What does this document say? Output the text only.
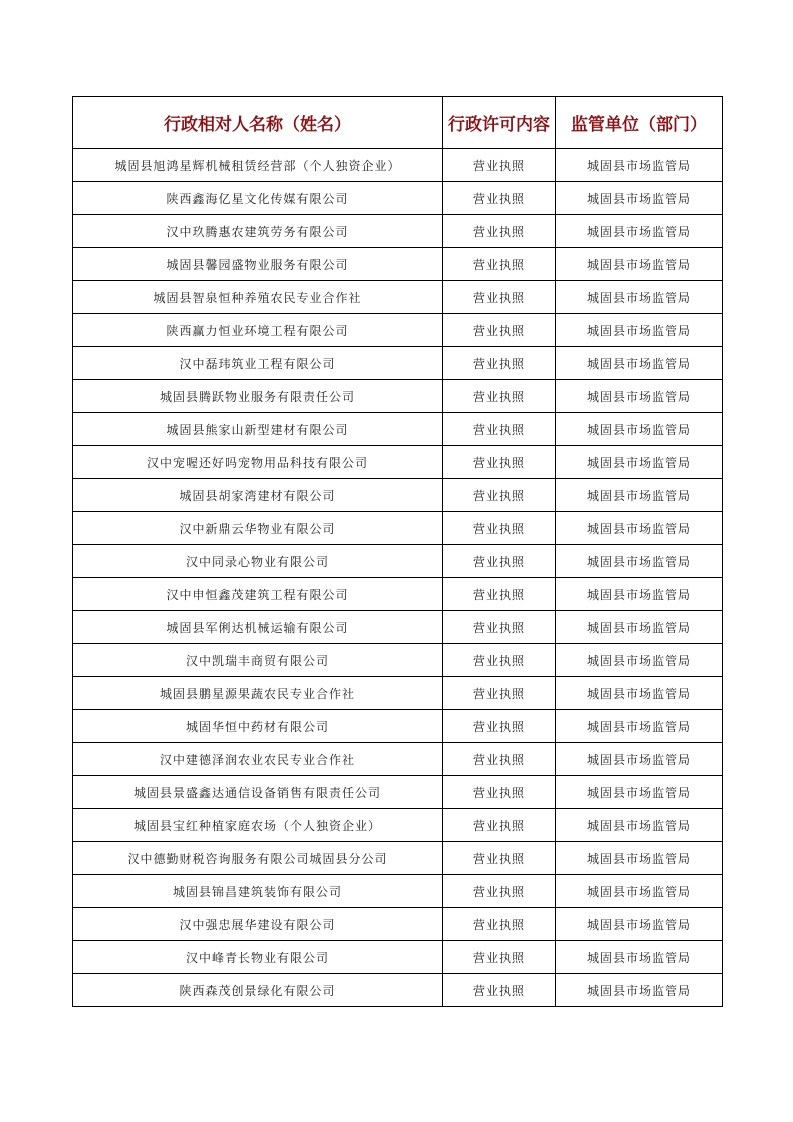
行政相对人名称（姓名）	行政许可内容	监管单位（部门）
城固县旭鸿星辉机械租赁经营部（个人独资企业）	营业执照	城固县市场监管局
陕西鑫海亿星文化传媒有限公司	营业执照	城固县市场监管局
汉中玖腾惠农建筑劳务有限公司	营业执照	城固县市场监管局
城固县馨园盛物业服务有限公司	营业执照	城固县市场监管局
城固县智泉恒种养殖农民专业合作社	营业执照	城固县市场监管局
陕西赢力恒业环境工程有限公司	营业执照	城固县市场监管局
汉中磊玮筑业工程有限公司	营业执照	城固县市场监管局
城固县腾跃物业服务有限责任公司	营业执照	城固县市场监管局
城固县熊家山新型建材有限公司	营业执照	城固县市场监管局
汉中宠喔还好吗宠物用品科技有限公司	营业执照	城固县市场监管局
城固县胡家湾建材有限公司	营业执照	城固县市场监管局
汉中新鼎云华物业有限公司	营业执照	城固县市场监管局
汉中同录心物业有限公司	营业执照	城固县市场监管局
汉中申恒鑫茂建筑工程有限公司	营业执照	城固县市场监管局
城固县军俐达机械运输有限公司	营业执照	城固县市场监管局
汉中凯瑞丰商贸有限公司	营业执照	城固县市场监管局
城固县鹏星源果蔬农民专业合作社	营业执照	城固县市场监管局
城固华恒中药材有限公司	营业执照	城固县市场监管局
汉中建德泽润农业农民专业合作社	营业执照	城固县市场监管局
城固县景盛鑫达通信设备销售有限责任公司	营业执照	城固县市场监管局
城固县宝红种植家庭农场（个人独资企业）	营业执照	城固县市场监管局
汉中德勤财税咨询服务有限公司城固县分公司	营业执照	城固县市场监管局
城固县锦昌建筑装饰有限公司	营业执照	城固县市场监管局
汉中强忠展华建设有限公司	营业执照	城固县市场监管局
汉中峰青长物业有限公司	营业执照	城固县市场监管局
陕西森茂创景绿化有限公司	营业执照	城固县市场监管局
